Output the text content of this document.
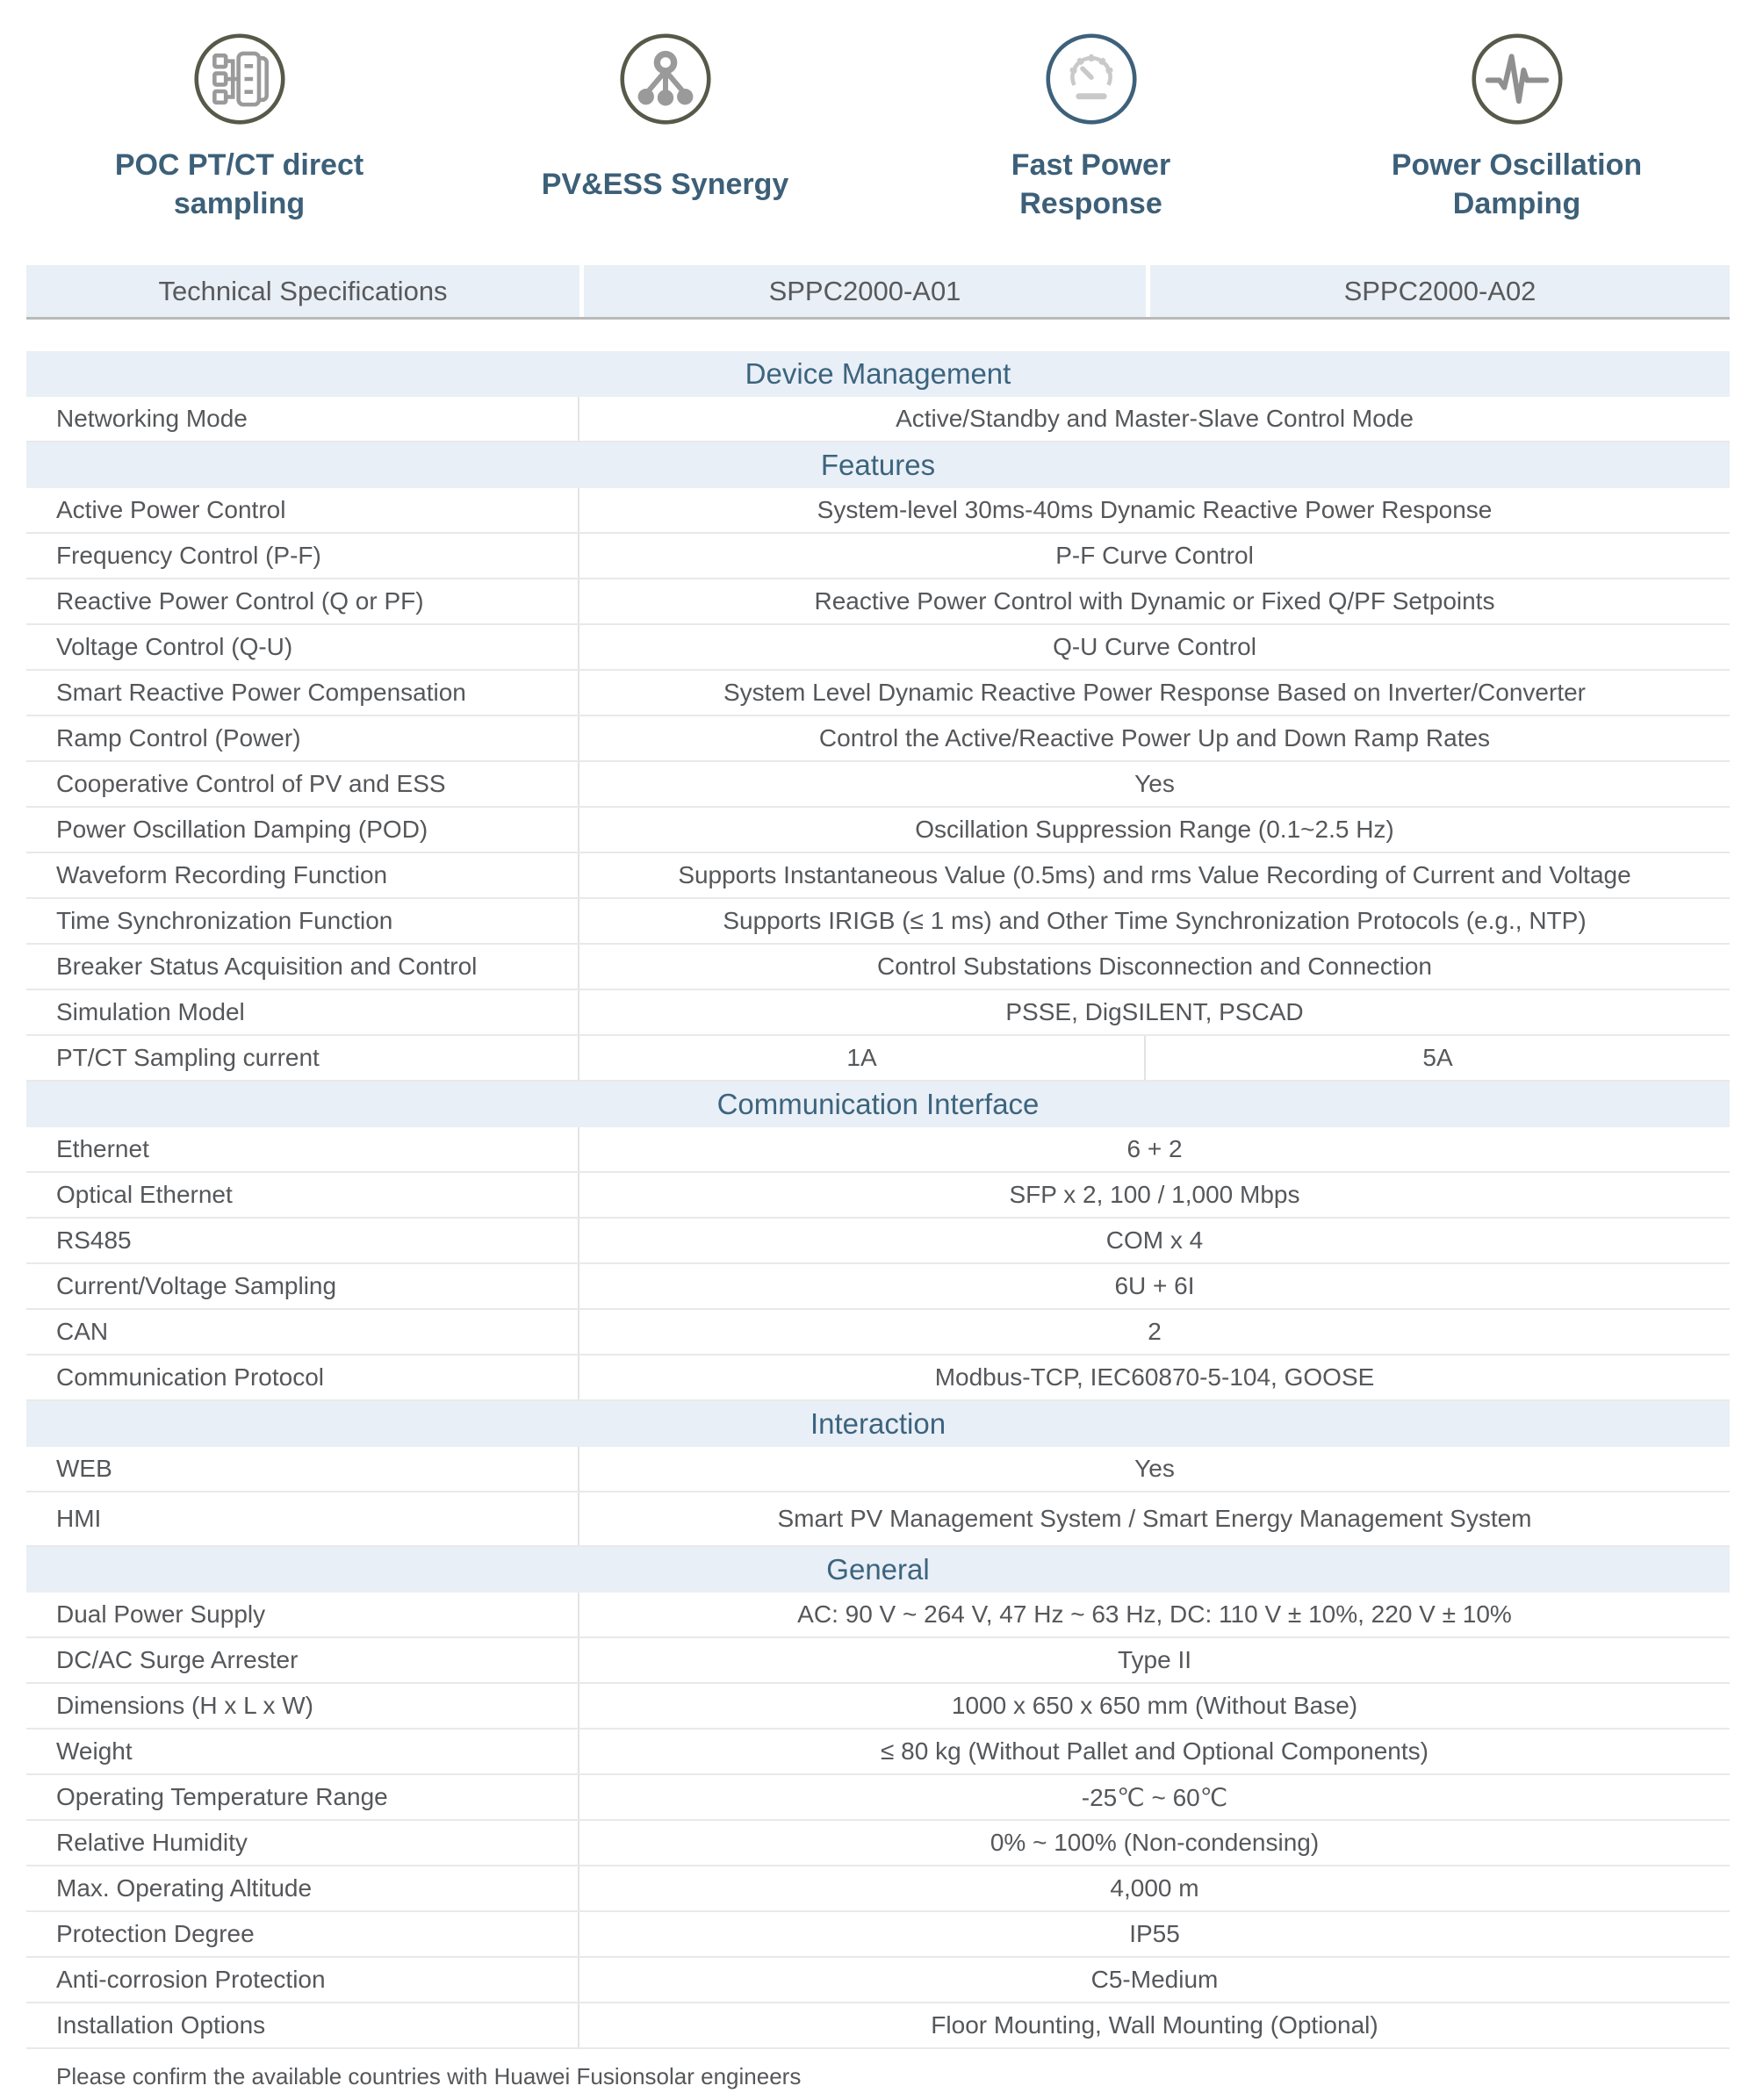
POC PT/CT direct sampling
PV&ESS Synergy
Fast Power Response
Power Oscillation Damping
Technical Specifications	SPPC2000-A01	SPPC2000-A02
Device Management
Networking Mode	Active/Standby and Master-Slave Control Mode
Features
Active Power Control	System-level 30ms-40ms Dynamic Reactive Power Response
Frequency Control (P-F)	P-F Curve Control
Reactive Power Control (Q or PF)	Reactive Power Control with Dynamic or Fixed Q/PF Setpoints
Voltage Control (Q-U)	Q-U Curve Control
Smart Reactive Power Compensation	System Level Dynamic Reactive Power Response Based on Inverter/Converter
Ramp Control (Power)	Control the Active/Reactive Power Up and Down Ramp Rates
Cooperative Control of PV and ESS	Yes
Power Oscillation Damping (POD)	Oscillation Suppression Range (0.1~2.5 Hz)
Waveform Recording Function	Supports Instantaneous Value (0.5ms) and rms Value Recording of Current and Voltage
Time Synchronization Function	Supports IRIGB (≤ 1 ms) and Other Time Synchronization Protocols (e.g., NTP)
Breaker Status Acquisition and Control	Control Substations Disconnection and Connection
Simulation Model	PSSE, DigSILENT, PSCAD
PT/CT Sampling current	1A	5A
Communication Interface
Ethernet	6 + 2
Optical Ethernet	SFP x 2, 100 / 1,000 Mbps
RS485	COM x 4
Current/Voltage Sampling	6U + 6I
CAN	2
Communication Protocol	Modbus-TCP, IEC60870-5-104, GOOSE
Interaction
WEB	Yes
HMI	Smart PV Management System / Smart Energy Management System
General
Dual Power Supply	AC: 90 V ~ 264 V, 47 Hz ~ 63 Hz, DC: 110 V ± 10%, 220 V ± 10%
DC/AC Surge Arrester	Type II
Dimensions (H x L x W)	1000 x 650 x 650 mm (Without Base)
Weight	≤ 80 kg (Without Pallet and Optional Components)
Operating Temperature Range	-25℃ ~ 60℃
Relative Humidity	0% ~ 100% (Non-condensing)
Max. Operating Altitude	4,000 m
Protection Degree	IP55
Anti-corrosion Protection	C5-Medium
Installation Options	Floor Mounting, Wall Mounting (Optional)
Please confirm the available countries with Huawei Fusionsolar engineers
